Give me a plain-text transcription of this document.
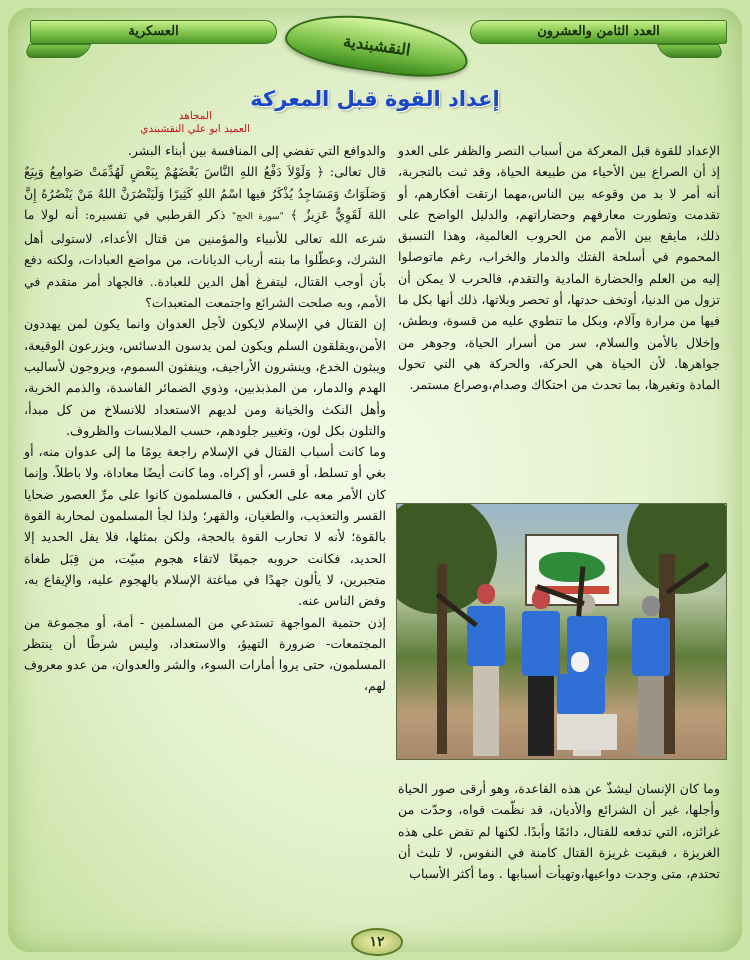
العسكرية	العدد الثامن والعشرون
النقشبندية
إعداد القوة قبل المعركة
المجاهد
العميد ابو علي النقشبندي

الإعداد للقوة قبل المعركة من أسباب النصر والظفر على العدو إذ أن الصراع بين الأحياء من طبيعة الحياة، وقد ثبت بالتجربة، أنه أمر لا بد من وقوعه بين الناس،مهما ارتقت أفكارهم، أو تقدمت وتطورت معارفهم وحضاراتهم، والدليل الواضح على ذلك، مايقع بين الأمم من الحروب العالمية، وهذا التسبق المحموم في أسلحة الفتك والدمار والخراب، رغم ماتوصلوا إليه من العلم والحضارة المادية والتقدم، فالحرب لا يمكن أن تزول من الدنيا، أوتخف حدتها، أو تحصر وبلاتها، ذلك أنها بكل ما فيها من مرارة وآلام، وبكل ما تنطوي عليه من قسوة، وبطش، وإخلال بالأمن والسلام، سر من أسرار الحياة، وجوهر من جواهرها. لأن الحياة هي الحركة، والحركة هي التي تحول المادة وتغيرها، بما تحدث من احتكاك وصدام،وصراع مستمر.

والدوافع التي تفضي إلى المنافسة بين أبناء البشر.

قال تعالى: ﴿ وَلَوْلاَ دَفْعُ اللهِ النَّاسَ بَعْضَهُمْ بِبَعْضٍ لَهُدِّمَتْ صَوامِعُ وَبِيَعٌ وَصَلَوَاتٌ وَمَسَاجِدُ يُذْكَرُ فيها اسْمُ اللهِ كَثِيرًا وَلَيَنْصُرَنَّ اللهُ مَنْ يَنْصُرُهُ إِنَّ اللهَ لَقَوِيٌّ عَزِيزٌ ﴾ "سورة الحج" ذكر القرطبي في تفسيره: أنه لولا ما شرعه الله تعالى للأنبياء والمؤمنين من قتال الأعداء، لاستولى أهل الشرك، وعطّلوا ما بنته أرباب الديانات، من مواضع العبادات، ولكنه دفع بأن أوجب القتال، ليتفرغ أهل الدين للعبادة.. فالجهاد أمر متقدم في الأمم، وبه صلحت الشرائع واجتمعت المتعبدات؟

إن القتال في الإسلام لايكون لأجل العدوان وانما يكون لمن يهددون الأمن،ويقلقون السلم ويكون لمن يدسون الدسائس، ويزرعون الوقيعة، ويبثون الخدع، وينشرون الأراجيف، وينفثون السموم، ويروجون لأساليب الهدم والدمار، من المذبذبين، وذوي الضمائر الفاسدة، والذمم الخربة، وأهل النكث والخيانة ومن لديهم الاستعداد للانسلاخ من كل مبدأ، والتلون بكل لون، وتغيير جلودهم، حسب الملابسات والظروف.

وما كانت أسباب القتال في الإسلام راجعة يومًا ما إلى عدوان منه، أو بغي أو تسلط، أو قسر، أو إكراه. وما كانت أيضًا معاداة، ولا باطلاً. وإنما كان الأمر معه على العكس ، فالمسلمون كانوا على مرِّ العصور ضحايا القسر والتعذيب، والطغيان، والقهر؛ ولذا لجأ المسلمون لمحاربة القوة بالقوة؛ لأنه لا تحارب القوة بالحجة، ولكن بمثلها، فلا يفل الحديد إلا الحديد، فكانت حروبه جميعًا لاتقاء هجوم مبيّت، من قِبَل طغاة متجبرين، لا يألون جهدًا في مباغتة الإسلام بالهجوم عليه، والإيقاع به، وفض الناس عنه.

إذن حتمية المواجهة تستدعي من المسلمين - أمة، أو مجموعة من المجتمعات- ضرورة التهيؤ، والاستعداد، وليس شرطًا أن ينتظر المسلمون، حتى يروا أمارات السوء، والشر والعدوان، من عدو معروف لهم،

وما كان الإنسان ليشذّ عن هذه القاعدة، وهو أرقى صور الحياة وأجلها، غير أن الشرائع والأديان، قد نظّمت قواه، وحدّت من غرائزه، التي تدفعه للقتال، دائمًا وأبدًا. لكنها لم تقض على هذه الغريزة ، فبقيت غريزة القتال كامنة في النفوس، لا تلبث أن تحتدم، متى وجدت دواعيها،وتهيأت أسبابها . وما أكثر الأسباب

١٢
